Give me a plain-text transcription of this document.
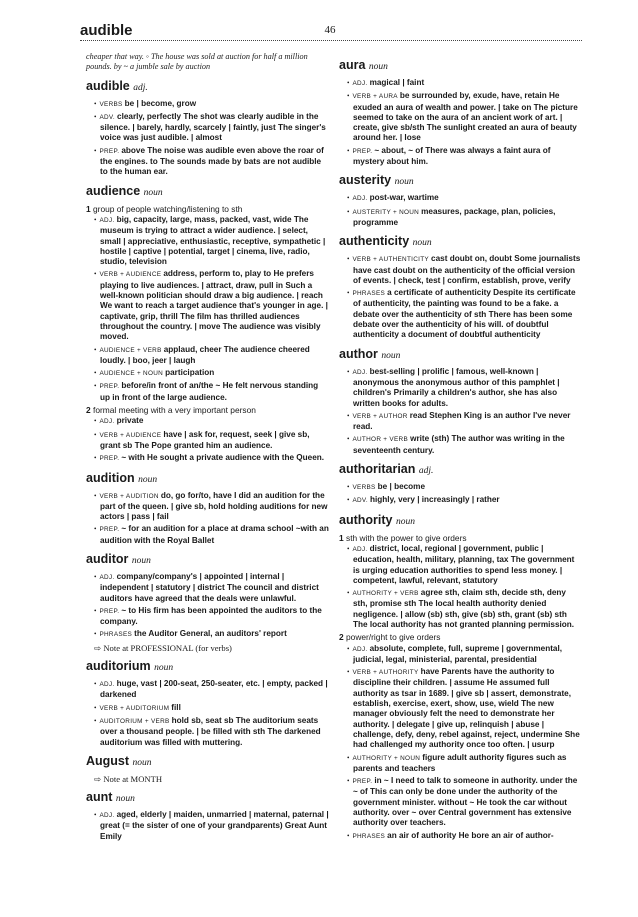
audible	46
cheaper that way. ◦ The house was sold at auction for half a million pounds. by ~ a jumble sale by auction
audible adj.
• VERBS be | become, grow
• ADV. clearly, perfectly The shot was clearly audible in the silence. | barely, hardly, scarcely | faintly, just The singer's voice was just audible. | almost
• PREP. above The noise was audible even above the roar of the engines. to The sounds made by bats are not audible to the human ear.
audience noun
1 group of people watching/listening to sth
• ADJ. big, capacity, large, mass, packed, vast, wide The museum is trying to attract a wider audience. | select, small | appreciative, enthusiastic, receptive, sympathetic | hostile | captive | potential, target | cinema, live, radio, studio, television
• VERB + AUDIENCE address, perform to, play to He prefers playing to live audiences. | attract, draw, pull in Such a well-known politician should draw a big audience. | reach We want to reach a target audience that's younger in age. | captivate, grip, thrill The film has thrilled audiences throughout the country. | move The audience was visibly moved.
• AUDIENCE + VERB applaud, cheer The audience cheered loudly. | boo, jeer | laugh
• AUDIENCE + NOUN participation
• PREP. before/in front of an/the ~ He felt nervous standing up in front of the large audience.
2 formal meeting with a very important person
• ADJ. private
• VERB + AUDIENCE have | ask for, request, seek | give sb, grant sb The Pope granted him an audience.
• PREP. ~ with He sought a private audience with the Queen.
audition noun
• VERB + AUDITION do, go for/to, have I did an audition for the part of the queen. | give sb, hold holding auditions for new actors | pass | fail
• PREP. ~ for an audition for a place at drama school ~with an audition with the Royal Ballet
auditor noun
• ADJ. company/company's | appointed | internal | independent | statutory | district The council and district auditors have agreed that the deals were unlawful.
• PREP. ~ to His firm has been appointed the auditors to the company.
• PHRASES the Auditor General, an auditors' report
⇨ Note at PROFESSIONAL (for verbs)
auditorium noun
• ADJ. huge, vast | 200-seat, 250-seater, etc. | empty, packed | darkened
• VERB + AUDITORIUM fill
• AUDITORIUM + VERB hold sb, seat sb The auditorium seats over a thousand people. | be filled with sth The darkened auditorium was filled with muttering.
August noun
⇨ Note at MONTH
aunt noun
• ADJ. aged, elderly | maiden, unmarried | maternal, paternal | great (= the sister of one of your grandparents) Great Aunt Emily
aura noun
• ADJ. magical | faint
• VERB + AURA be surrounded by, exude, have, retain He exuded an aura of wealth and power. | take on The picture seemed to take on the aura of an ancient work of art. | create, give sb/sth The sunlight created an aura of beauty around her. | lose
• PREP. ~ about, ~ of There was always a faint aura of mystery about him.
austerity noun
• ADJ. post-war, wartime
• AUSTERITY + NOUN measures, package, plan, policies, programme
authenticity noun
• VERB + AUTHENTICITY cast doubt on, doubt Some journalists have cast doubt on the authenticity of the official version of events. | check, test | confirm, establish, prove, verify
• PHRASES a certificate of authenticity Despite its certificate of authenticity, the painting was found to be a fake. a debate over the authenticity of sth There has been some debate over the authenticity of his will. of doubtful authenticity a document of doubtful authenticity
author noun
• ADJ. best-selling | prolific | famous, well-known | anonymous the anonymous author of this pamphlet | children's Primarily a children's author, she has also written books for adults.
• VERB + AUTHOR read Stephen King is an author I've never read.
• AUTHOR + VERB write (sth) The author was writing in the seventeenth century.
authoritarian adj.
• VERBS be | become
• ADV. highly, very | increasingly | rather
authority noun
1 sth with the power to give orders
• ADJ. district, local, regional | government, public | education, health, military, planning, tax The government is urging education authorities to spend less money. | competent, lawful, relevant, statutory
• AUTHORITY + VERB agree sth, claim sth, decide sth, deny sth, promise sth The local health authority denied negligence. | allow (sb) sth, give (sb) sth, grant (sb) sth The local authority has not granted planning permission.
2 power/right to give orders
• ADJ. absolute, complete, full, supreme | governmental, judicial, legal, ministerial, parental, presidential
• VERB + AUTHORITY have Parents have the authority to discipline their children. | assume He assumed full authority as tsar in 1689. | give sb | assert, demonstrate, establish, exercise, exert, show, use, wield The new manager obviously felt the need to demonstrate her authority. | delegate | give up, relinquish | abuse | challenge, defy, deny, rebel against, reject, undermine She had challenged my authority once too often. | usurp
• AUTHORITY + NOUN figure adult authority figures such as parents and teachers
• PREP. in ~ I need to talk to someone in authority. under the ~ of This can only be done under the authority of the government minister. without ~ He took the car without authority. over ~ over Central government has extensive authority over teachers.
• PHRASES an air of authority He bore an air of author-
